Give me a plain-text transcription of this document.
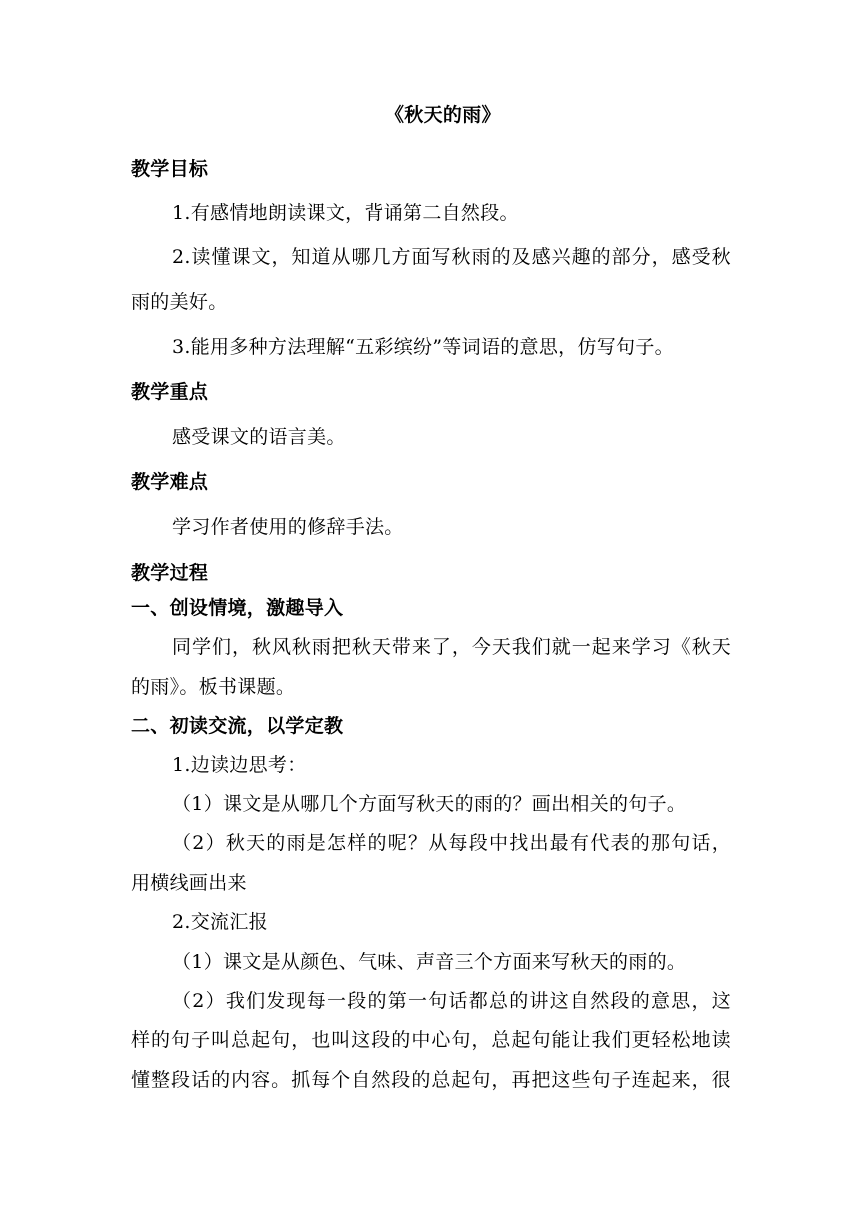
《秋天的雨》
教学目标
1.有感情地朗读课文，背诵第二自然段。
2.读懂课文，知道从哪几方面写秋雨的及感兴趣的部分，感受秋
雨的美好。
3.能用多种方法理解“五彩缤纷”等词语的意思，仿写句子。
教学重点
感受课文的语言美。
教学难点
学习作者使用的修辞手法。
教学过程
一、创设情境，激趣导入
同学们，秋风秋雨把秋天带来了，今天我们就一起来学习《秋天
的雨》。板书课题。
二、初读交流，以学定教
1.边读边思考：
（1）课文是从哪几个方面写秋天的雨的？画出相关的句子。
（2）秋天的雨是怎样的呢？从每段中找出最有代表的那句话，
用横线画出来
2.交流汇报
（1）课文是从颜色、气味、声音三个方面来写秋天的雨的。
（2）我们发现每一段的第一句话都总的讲这自然段的意思，这
样的句子叫总起句，也叫这段的中心句，总起句能让我们更轻松地读
懂整段话的内容。抓每个自然段的总起句，再把这些句子连起来，很
